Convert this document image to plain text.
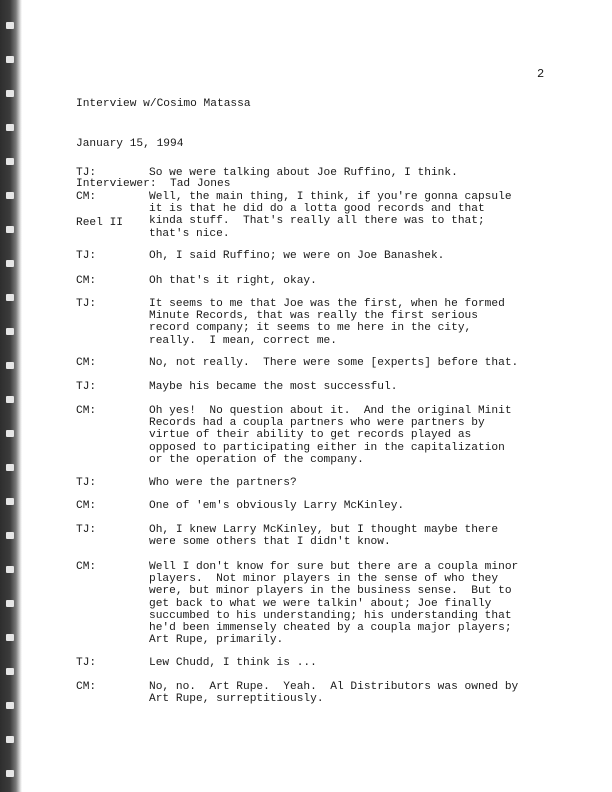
Interview w/Cosimo Matassa

January 15, 1994

Interviewer:  Tad Jones

Reel II

2
TJ:	So we were talking about Joe Ruffino, I think.
CM:	Well, the main thing, I think, if you're gonna capsule
it is that he did do a lotta good records and that
kinda stuff.  That's really all there was to that;
that's nice.
TJ:	Oh, I said Ruffino; we were on Joe Banashek.
CM:	Oh that's it right, okay.
TJ:	It seems to me that Joe was the first, when he formed
Minute Records, that was really the first serious
record company; it seems to me here in the city,
really.  I mean, correct me.
CM:	No, not really.  There were some [experts] before that.
TJ:	Maybe his became the most successful.
CM:	Oh yes!  No question about it.  And the original Minit
Records had a coupla partners who were partners by
virtue of their ability to get records played as
opposed to participating either in the capitalization
or the operation of the company.
TJ:	Who were the partners?
CM:	One of 'em's obviously Larry McKinley.
TJ:	Oh, I knew Larry McKinley, but I thought maybe there
were some others that I didn't know.
CM:	Well I don't know for sure but there are a coupla minor
players.  Not minor players in the sense of who they
were, but minor players in the business sense.  But to
get back to what we were talkin' about; Joe finally
succumbed to his understanding; his understanding that
he'd been immensely cheated by a coupla major players;
Art Rupe, primarily.
TJ:	Lew Chudd, I think is ...
CM:	No, no.  Art Rupe.  Yeah.  Al Distributors was owned by
Art Rupe, surreptitiously.
